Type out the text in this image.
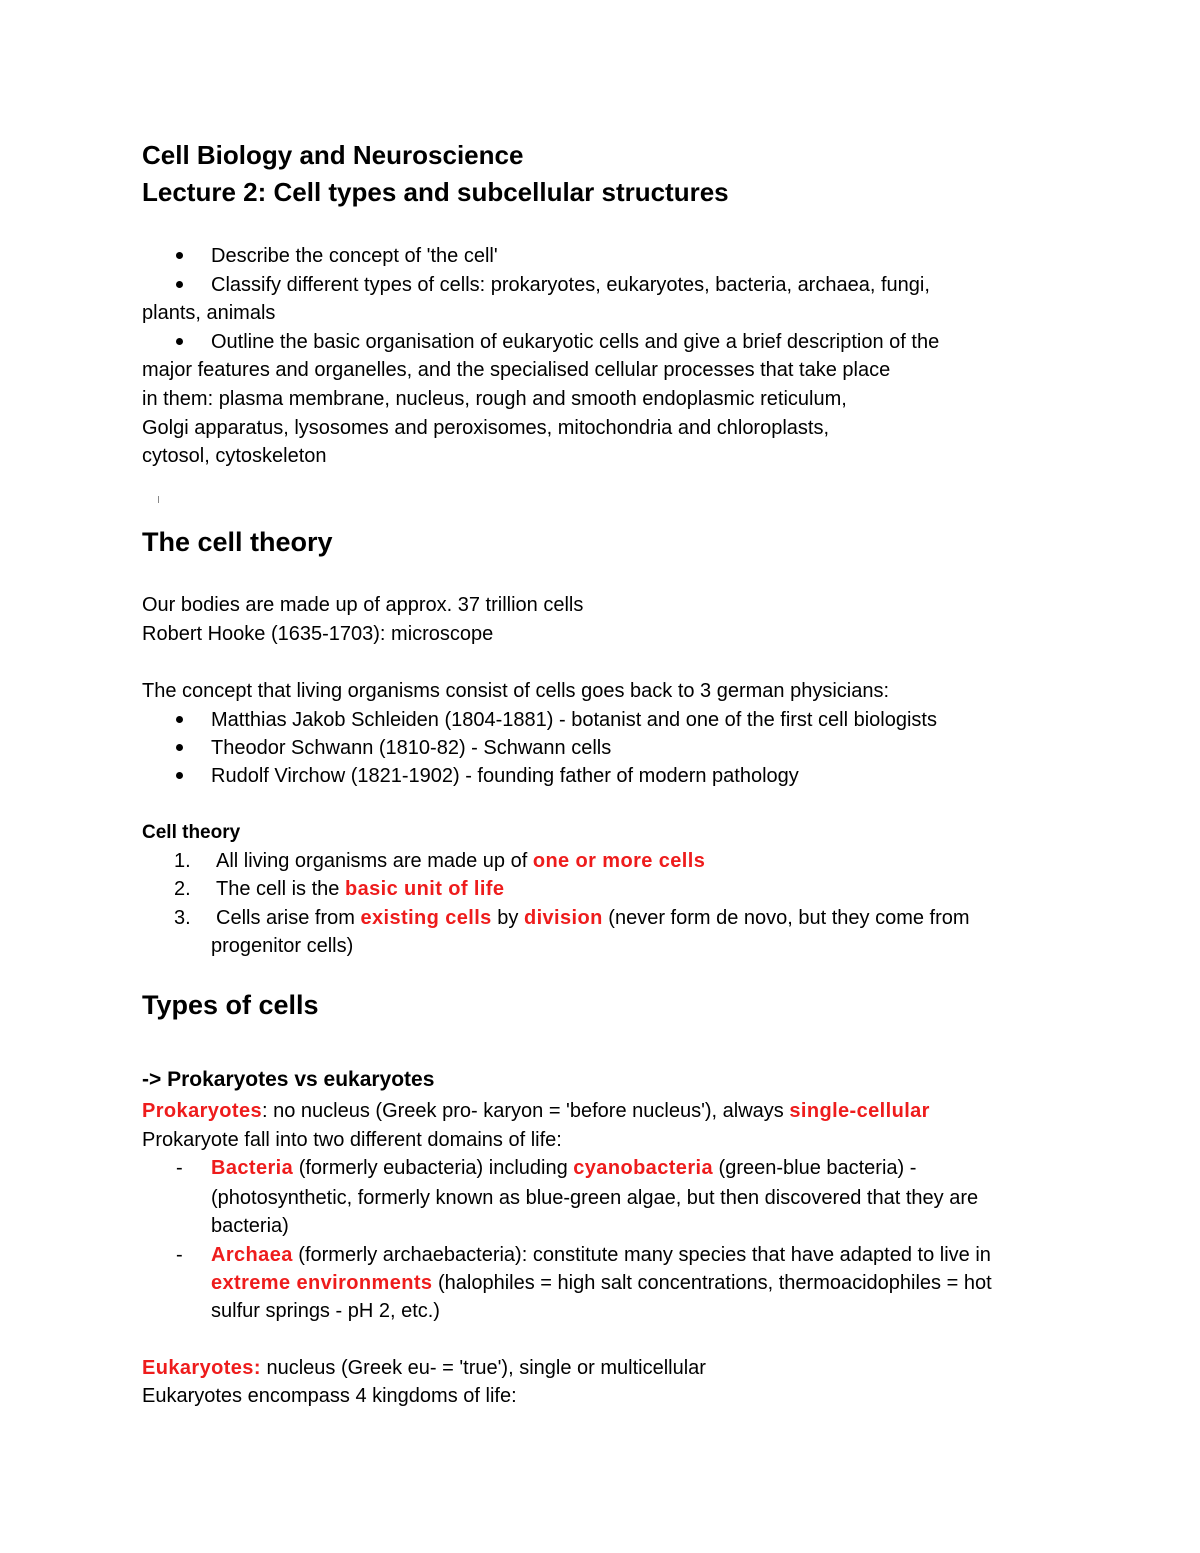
Cell Biology and Neuroscience
Lecture 2: Cell types and subcellular structures
Describe the concept of 'the cell'
Classify different types of cells: prokaryotes, eukaryotes, bacteria, archaea, fungi,
plants, animals
Outline the basic organisation of eukaryotic cells and give a brief description of the
major features and organelles, and the specialised cellular processes that take place
in them: plasma membrane, nucleus, rough and smooth endoplasmic reticulum,
Golgi apparatus, lysosomes and peroxisomes, mitochondria and chloroplasts,
cytosol, cytoskeleton
The cell theory
Our bodies are made up of approx. 37 trillion cells
Robert Hooke (1635-1703): microscope
The concept that living organisms consist of cells goes back to 3 german physicians:
Matthias Jakob Schleiden (1804-1881) - botanist and one of the first cell biologists
Theodor Schwann (1810-82) - Schwann cells
Rudolf Virchow (1821-1902) - founding father of modern pathology
Cell theory
1. All living organisms are made up of one or more cells
2. The cell is the basic unit of life
3. Cells arise from existing cells by division (never form de novo, but they come from
progenitor cells)
Types of cells
-> Prokaryotes vs eukaryotes
Prokaryotes: no nucleus (Greek pro- karyon = 'before nucleus'), always single-cellular
Prokaryote fall into two different domains of life:
- Bacteria (formerly eubacteria) including cyanobacteria (green-blue bacteria) -
(photosynthetic, formerly known as blue-green algae, but then discovered that they are
bacteria)
- Archaea (formerly archaebacteria): constitute many species that have adapted to live in
extreme environments (halophiles = high salt concentrations, thermoacidophiles = hot
sulfur springs - pH 2, etc.)
Eukaryotes: nucleus (Greek eu- = 'true'), single or multicellular
Eukaryotes encompass 4 kingdoms of life:
